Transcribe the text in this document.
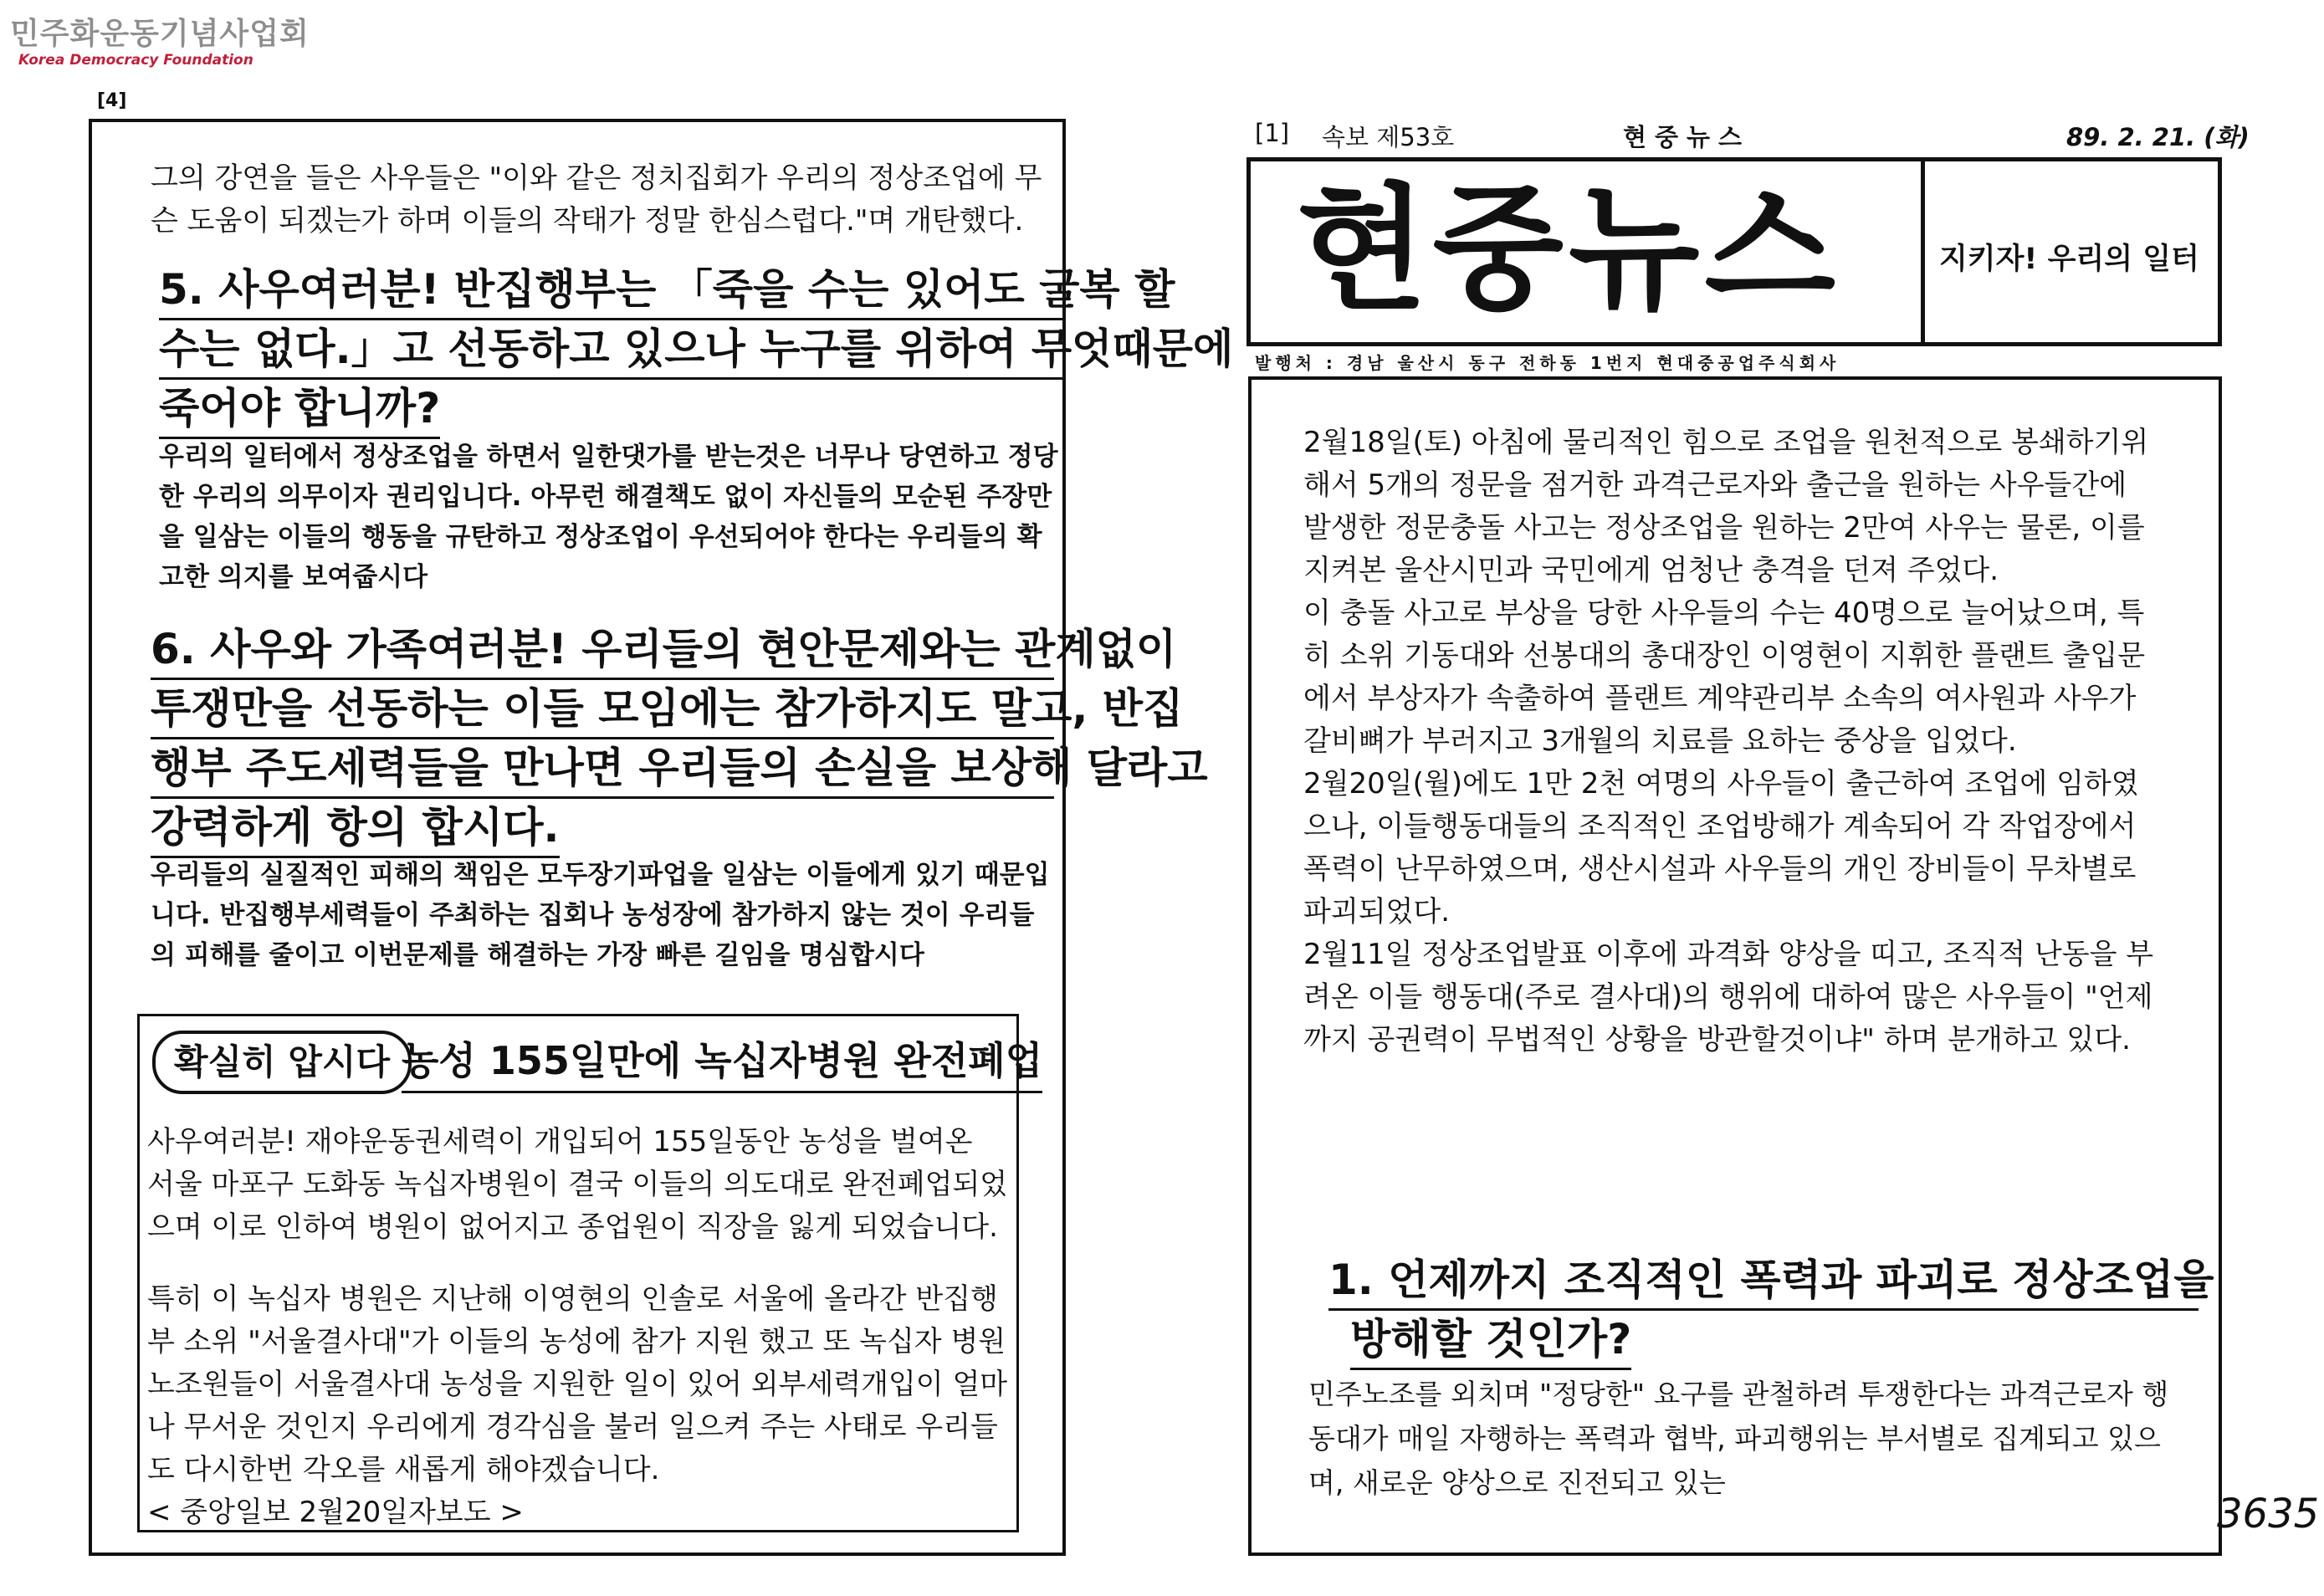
민주화운동기념사업회
Korea Democracy Foundation
[4]
그의 강연을 들은 사우들은 "이와 같은 정치집회가 우리의 정상조업에 무슨 도움이 되겠는가 하며 이들의 작태가 정말 한심스럽다."며 개탄했다.
5. 사우여러분! 반집행부는 「죽을 수는 있어도 굴복 할
수는 없다.」고 선동하고 있으나 누구를 위하여 무엇때문에
죽어야 합니까?
우리의 일터에서 정상조업을 하면서 일한댓가를 받는것은 너무나 당연하고 정당한 우리의 의무이자 권리입니다. 아무런 해결책도 없이 자신들의 모순된 주장만을 일삼는 이들의 행동을 규탄하고 정상조업이 우선되어야 한다는 우리들의 확고한 의지를 보여줍시다
6. 사우와 가족여러분! 우리들의 현안문제와는 관계없이
투쟁만을 선동하는 이들 모임에는 참가하지도 말고, 반집
행부 주도세력들을 만나면 우리들의 손실을 보상해 달라고
강력하게 항의 합시다.
우리들의 실질적인 피해의 책임은 모두장기파업을 일삼는 이들에게 있기 때문입니다. 반집행부세력들이 주최하는 집회나 농성장에 참가하지 않는 것이 우리들의 피해를 줄이고 이번문제를 해결하는 가장 빠른 길임을 명심합시다
확실히 압시다 농성 155일만에 녹십자병원 완전폐업
사우여러분! 재야운동권세력이 개입되어 155일동안 농성을 벌여온 서울 마포구 도화동 녹십자병원이 결국 이들의 의도대로 완전폐업되었으며 이로 인하여 병원이 없어지고 종업원이 직장을 잃게 되었습니다.
특히 이 녹십자 병원은 지난해 이영현의 인솔로 서울에 올라간 반집행부 소위 "서울결사대"가 이들의 농성에 참가 지원 했고 또 녹십자 병원 노조원들이 서울결사대 농성을 지원한 일이 있어 외부세력개입이 얼마나 무서운 것인지 우리에게 경각심을 불러 일으켜 주는 사태로 우리들도 다시한번 각오를 새롭게 해야겠습니다.
< 중앙일보 2월20일자보도 >
[1] 속보 제53호	현중뉴스	89. 2. 21. (화)
현중뉴스	지키자! 우리의 일터
발행처 : 경남 울산시 동구 전하동 1번지 현대중공업주식회사
2월18일(토) 아침에 물리적인 힘으로 조업을 원천적으로 봉쇄하기위해서 5개의 정문을 점거한 과격근로자와 출근을 원하는 사우들간에 발생한 정문충돌 사고는 정상조업을 원하는 2만여 사우는 물론, 이를 지켜본 울산시민과 국민에게 엄청난 충격을 던져 주었다.
이 충돌 사고로 부상을 당한 사우들의 수는 40명으로 늘어났으며, 특히 소위 기동대와 선봉대의 총대장인 이영현이 지휘한 플랜트 출입문에서 부상자가 속출하여 플랜트 계약관리부 소속의 여사원과 사우가 갈비뼈가 부러지고 3개월의 치료를 요하는 중상을 입었다.
2월20일(월)에도 1만 2천 여명의 사우들이 출근하여 조업에 임하였으나, 이들행동대들의 조직적인 조업방해가 계속되어 각 작업장에서 폭력이 난무하였으며, 생산시설과 사우들의 개인 장비들이 무차별로 파괴되었다.
2월11일 정상조업발표 이후에 과격화 양상을 띠고, 조직적 난동을 부려온 이들 행동대(주로 결사대)의 행위에 대하여 많은 사우들이 "언제까지 공권력이 무법적인 상황을 방관할것이냐" 하며 분개하고 있다.
1. 언제까지 조직적인 폭력과 파괴로 정상조업을
방해할 것인가?
민주노조를 외치며 "정당한" 요구를 관철하려 투쟁한다는 과격근로자 행동대가 매일 자행하는 폭력과 협박, 파괴행위는 부서별로 집계되고 있으며, 새로운 양상으로 진전되고 있는
3635
